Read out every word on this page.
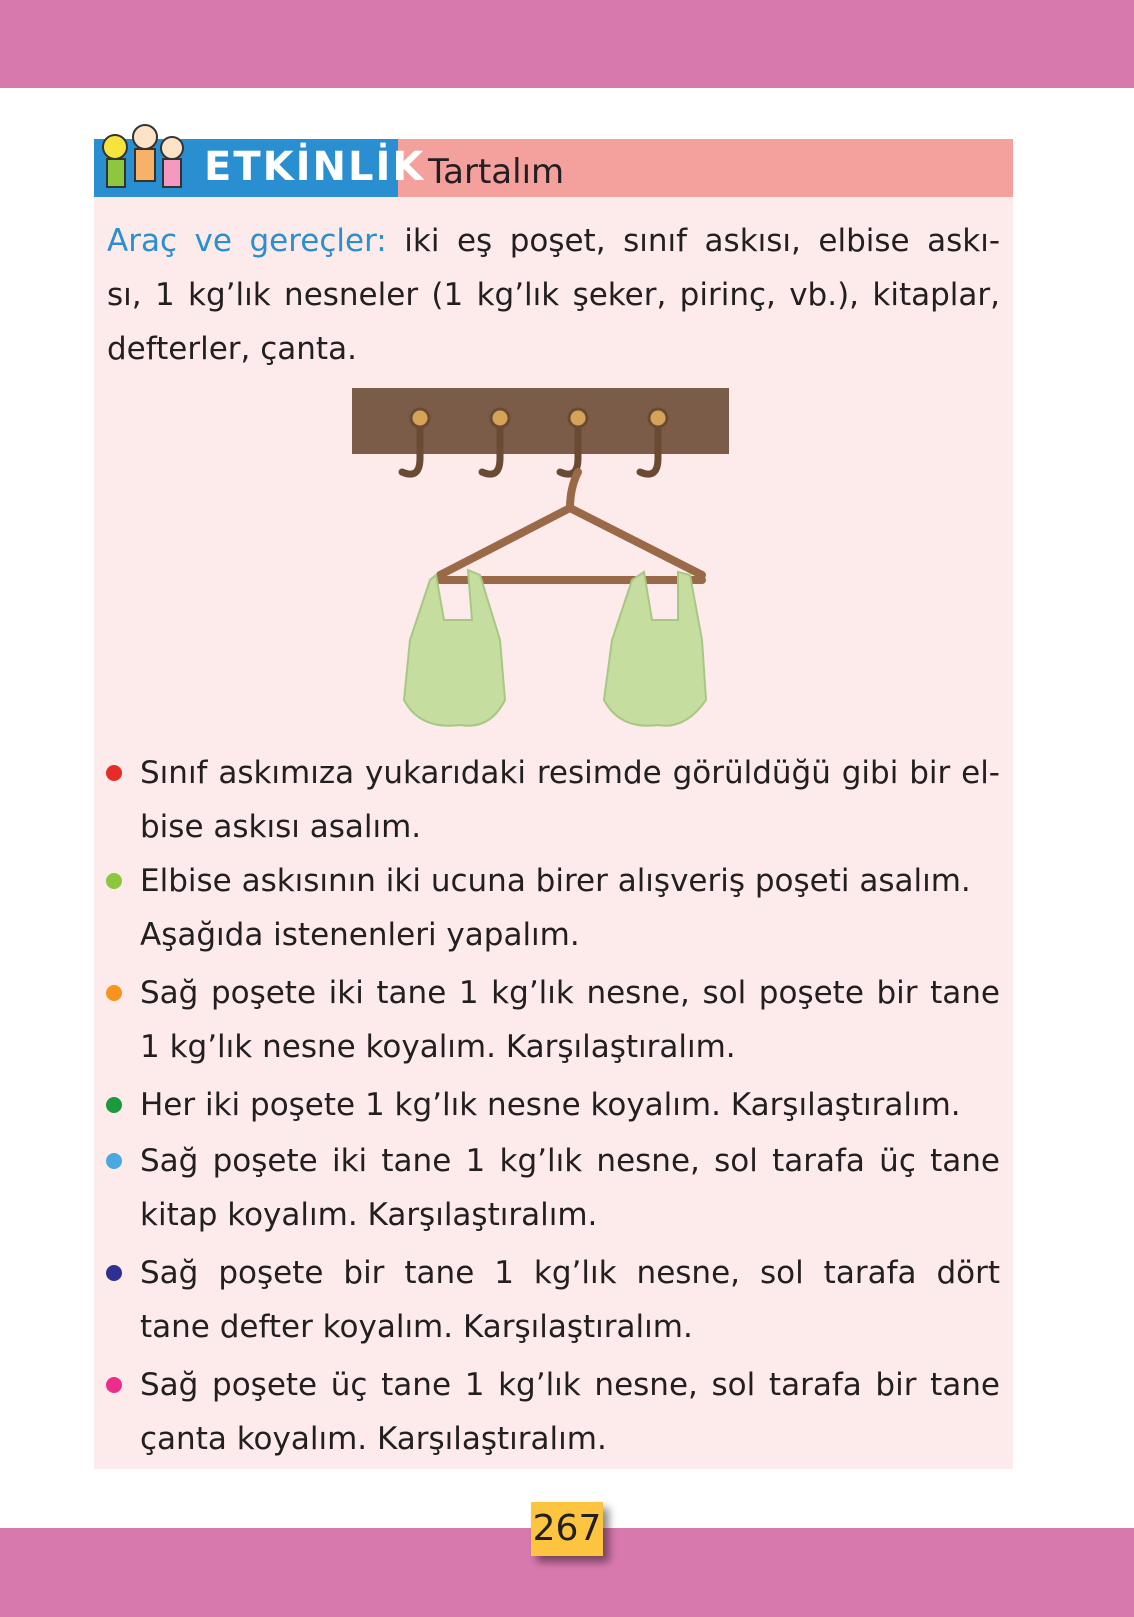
ETKİNLİK Tartalım
Araç ve gereçler: iki eş poşet, sınıf askısı, elbise askı-
sı, 1 kg’lık nesneler (1 kg’lık şeker, pirinç, vb.), kitaplar,
defterler, çanta.
Sınıf askımıza yukarıdaki resimde görüldüğü gibi bir el-
bise askısı asalım.
Elbise askısının iki ucuna birer alışveriş poşeti asalım.
Aşağıda istenenleri yapalım.
Sağ poşete iki tane 1 kg’lık nesne, sol poşete bir tane
1 kg’lık nesne koyalım. Karşılaştıralım.
Her iki poşete 1 kg’lık nesne koyalım. Karşılaştıralım.
Sağ poşete iki tane 1 kg’lık nesne, sol tarafa üç tane
kitap koyalım. Karşılaştıralım.
Sağ poşete bir tane 1 kg’lık nesne, sol tarafa dört
tane defter koyalım. Karşılaştıralım.
Sağ poşete üç tane 1 kg’lık nesne, sol tarafa bir tane
çanta koyalım. Karşılaştıralım.
267
